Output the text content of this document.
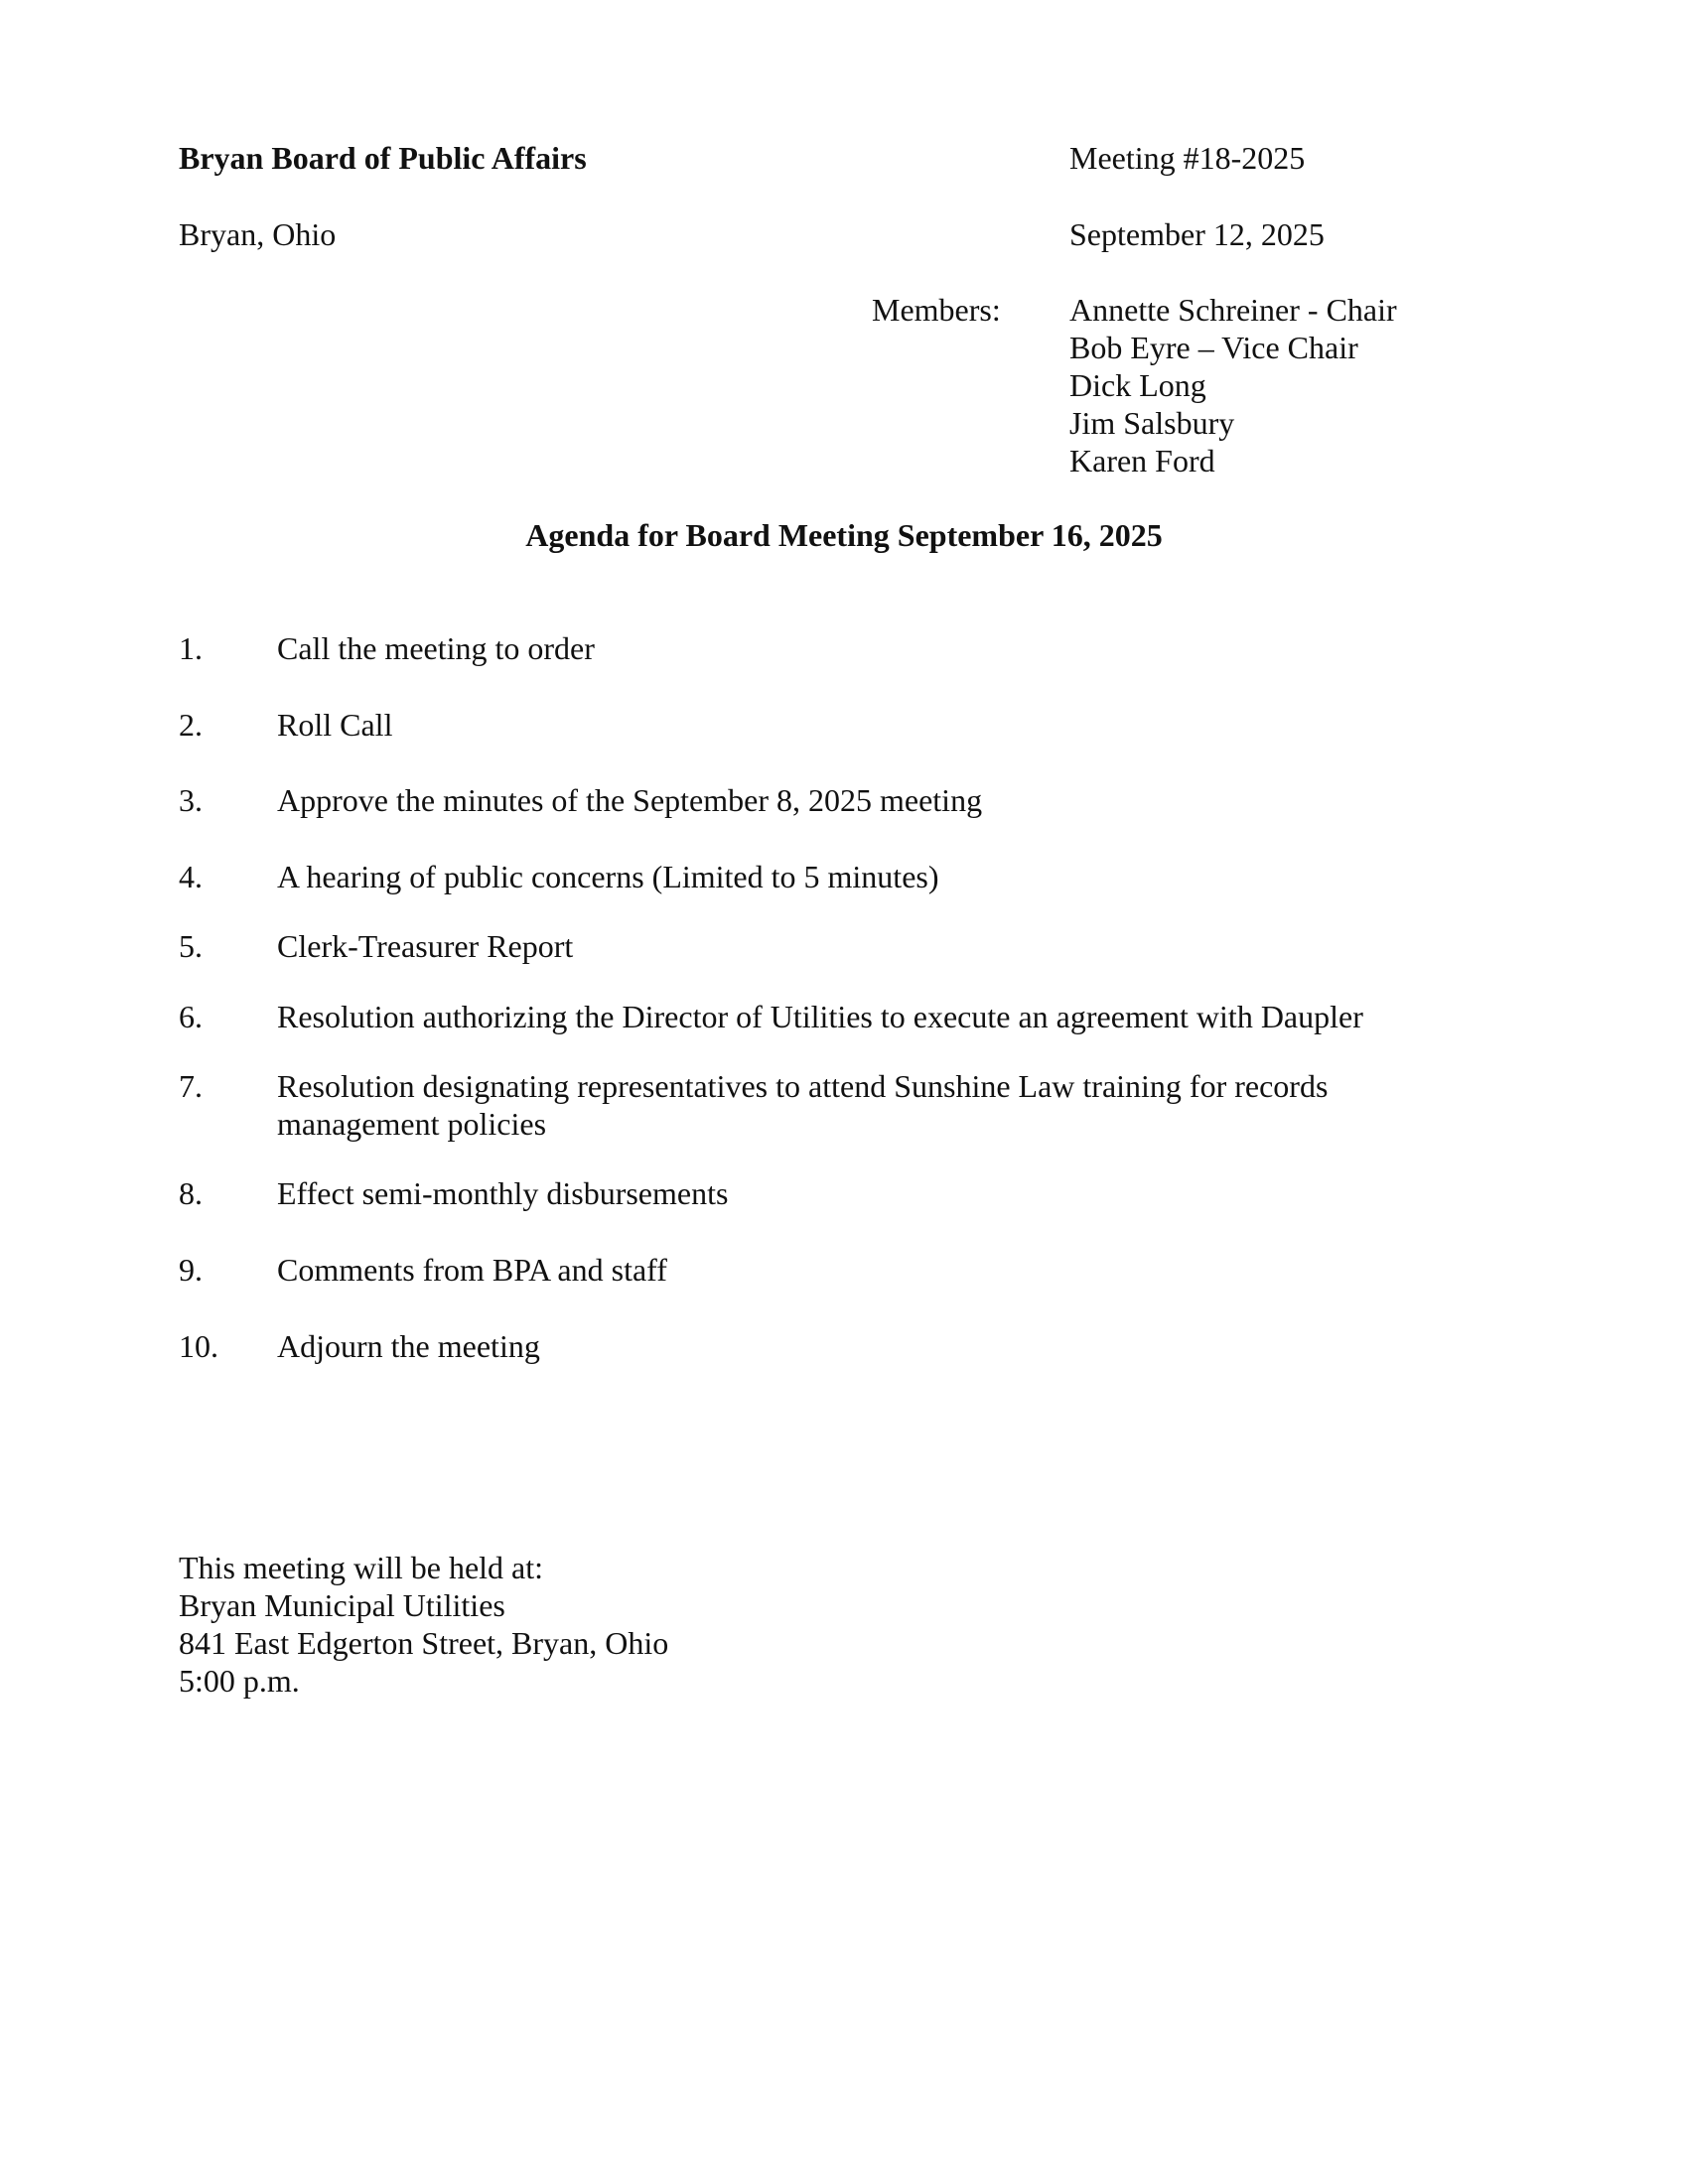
Bryan Board of Public Affairs	Meeting #18-2025
Bryan, Ohio	September 12, 2025
Members: Annette Schreiner - Chair
Bob Eyre – Vice Chair
Dick Long
Jim Salsbury
Karen Ford
Agenda for Board Meeting September 16, 2025
1. Call the meeting to order
2. Roll Call
3. Approve the minutes of the September 8, 2025 meeting
4. A hearing of public concerns (Limited to 5 minutes)
5. Clerk-Treasurer Report
6. Resolution authorizing the Director of Utilities to execute an agreement with Daupler
7. Resolution designating representatives to attend Sunshine Law training for records management policies
8. Effect semi-monthly disbursements
9. Comments from BPA and staff
10. Adjourn the meeting
This meeting will be held at:
Bryan Municipal Utilities
841 East Edgerton Street, Bryan, Ohio
5:00 p.m.
